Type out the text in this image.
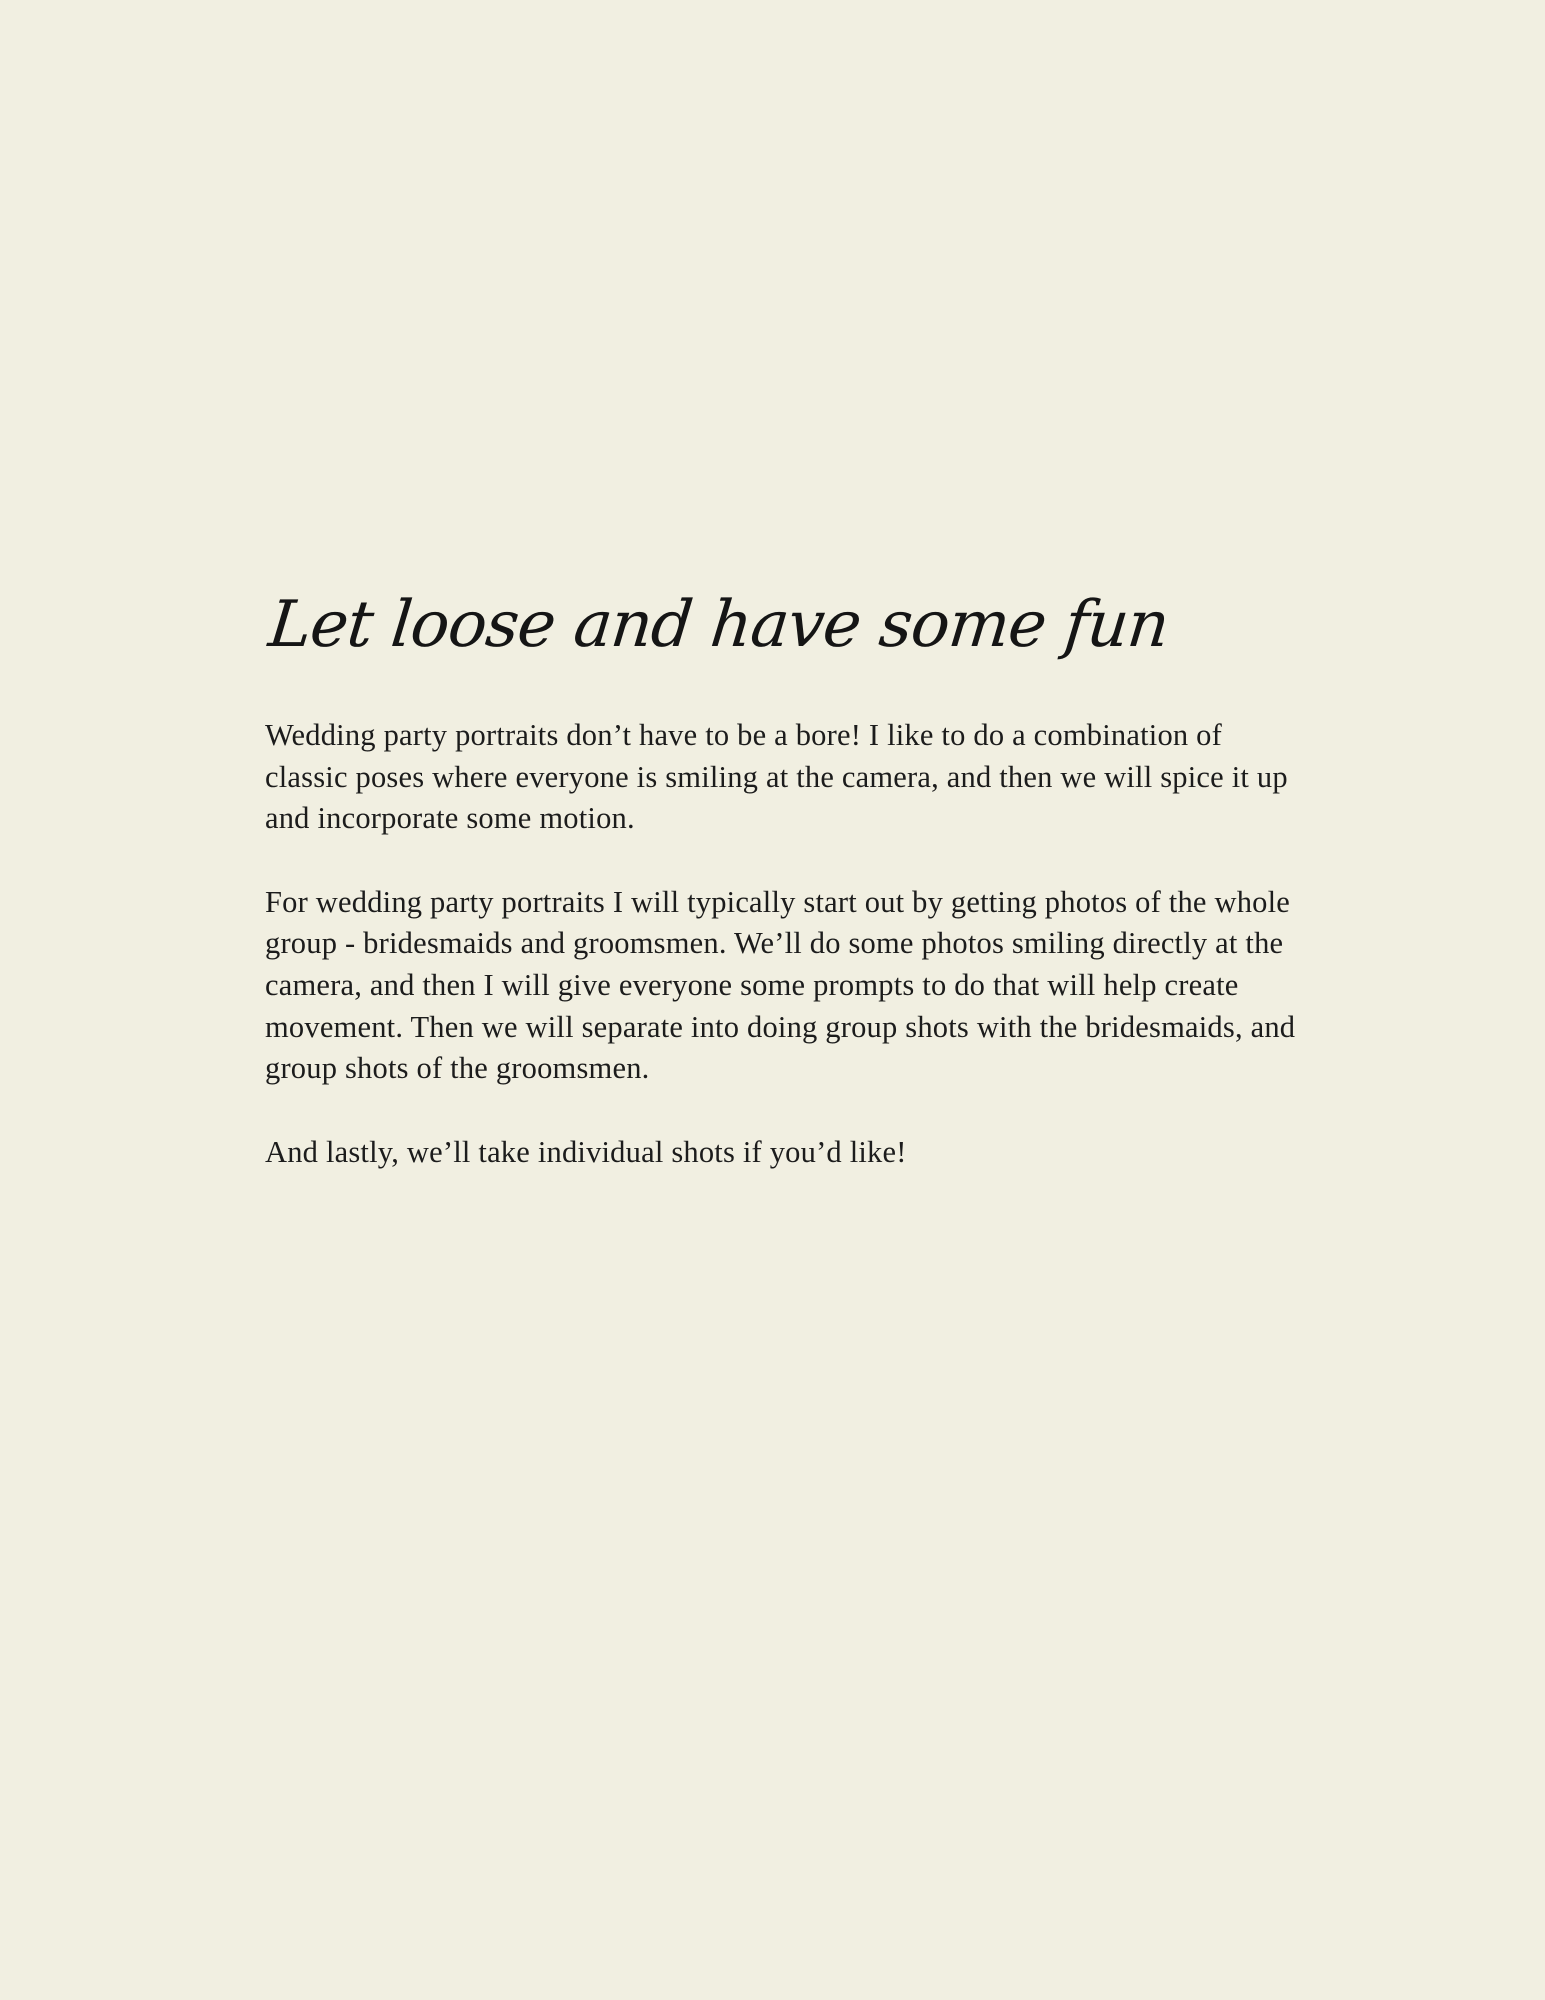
Let loose and have some fun

Wedding party portraits don’t have to be a bore! I like to do a combination of classic poses where everyone is smiling at the camera, and then we will spice it up and incorporate some motion.

For wedding party portraits I will typically start out by getting photos of the whole group - bridesmaids and groomsmen. We’ll do some photos smiling directly at the camera, and then I will give everyone some prompts to do that will help create movement. Then we will separate into doing group shots with the bridesmaids, and group shots of the groomsmen.

And lastly, we’ll take individual shots if you’d like!
